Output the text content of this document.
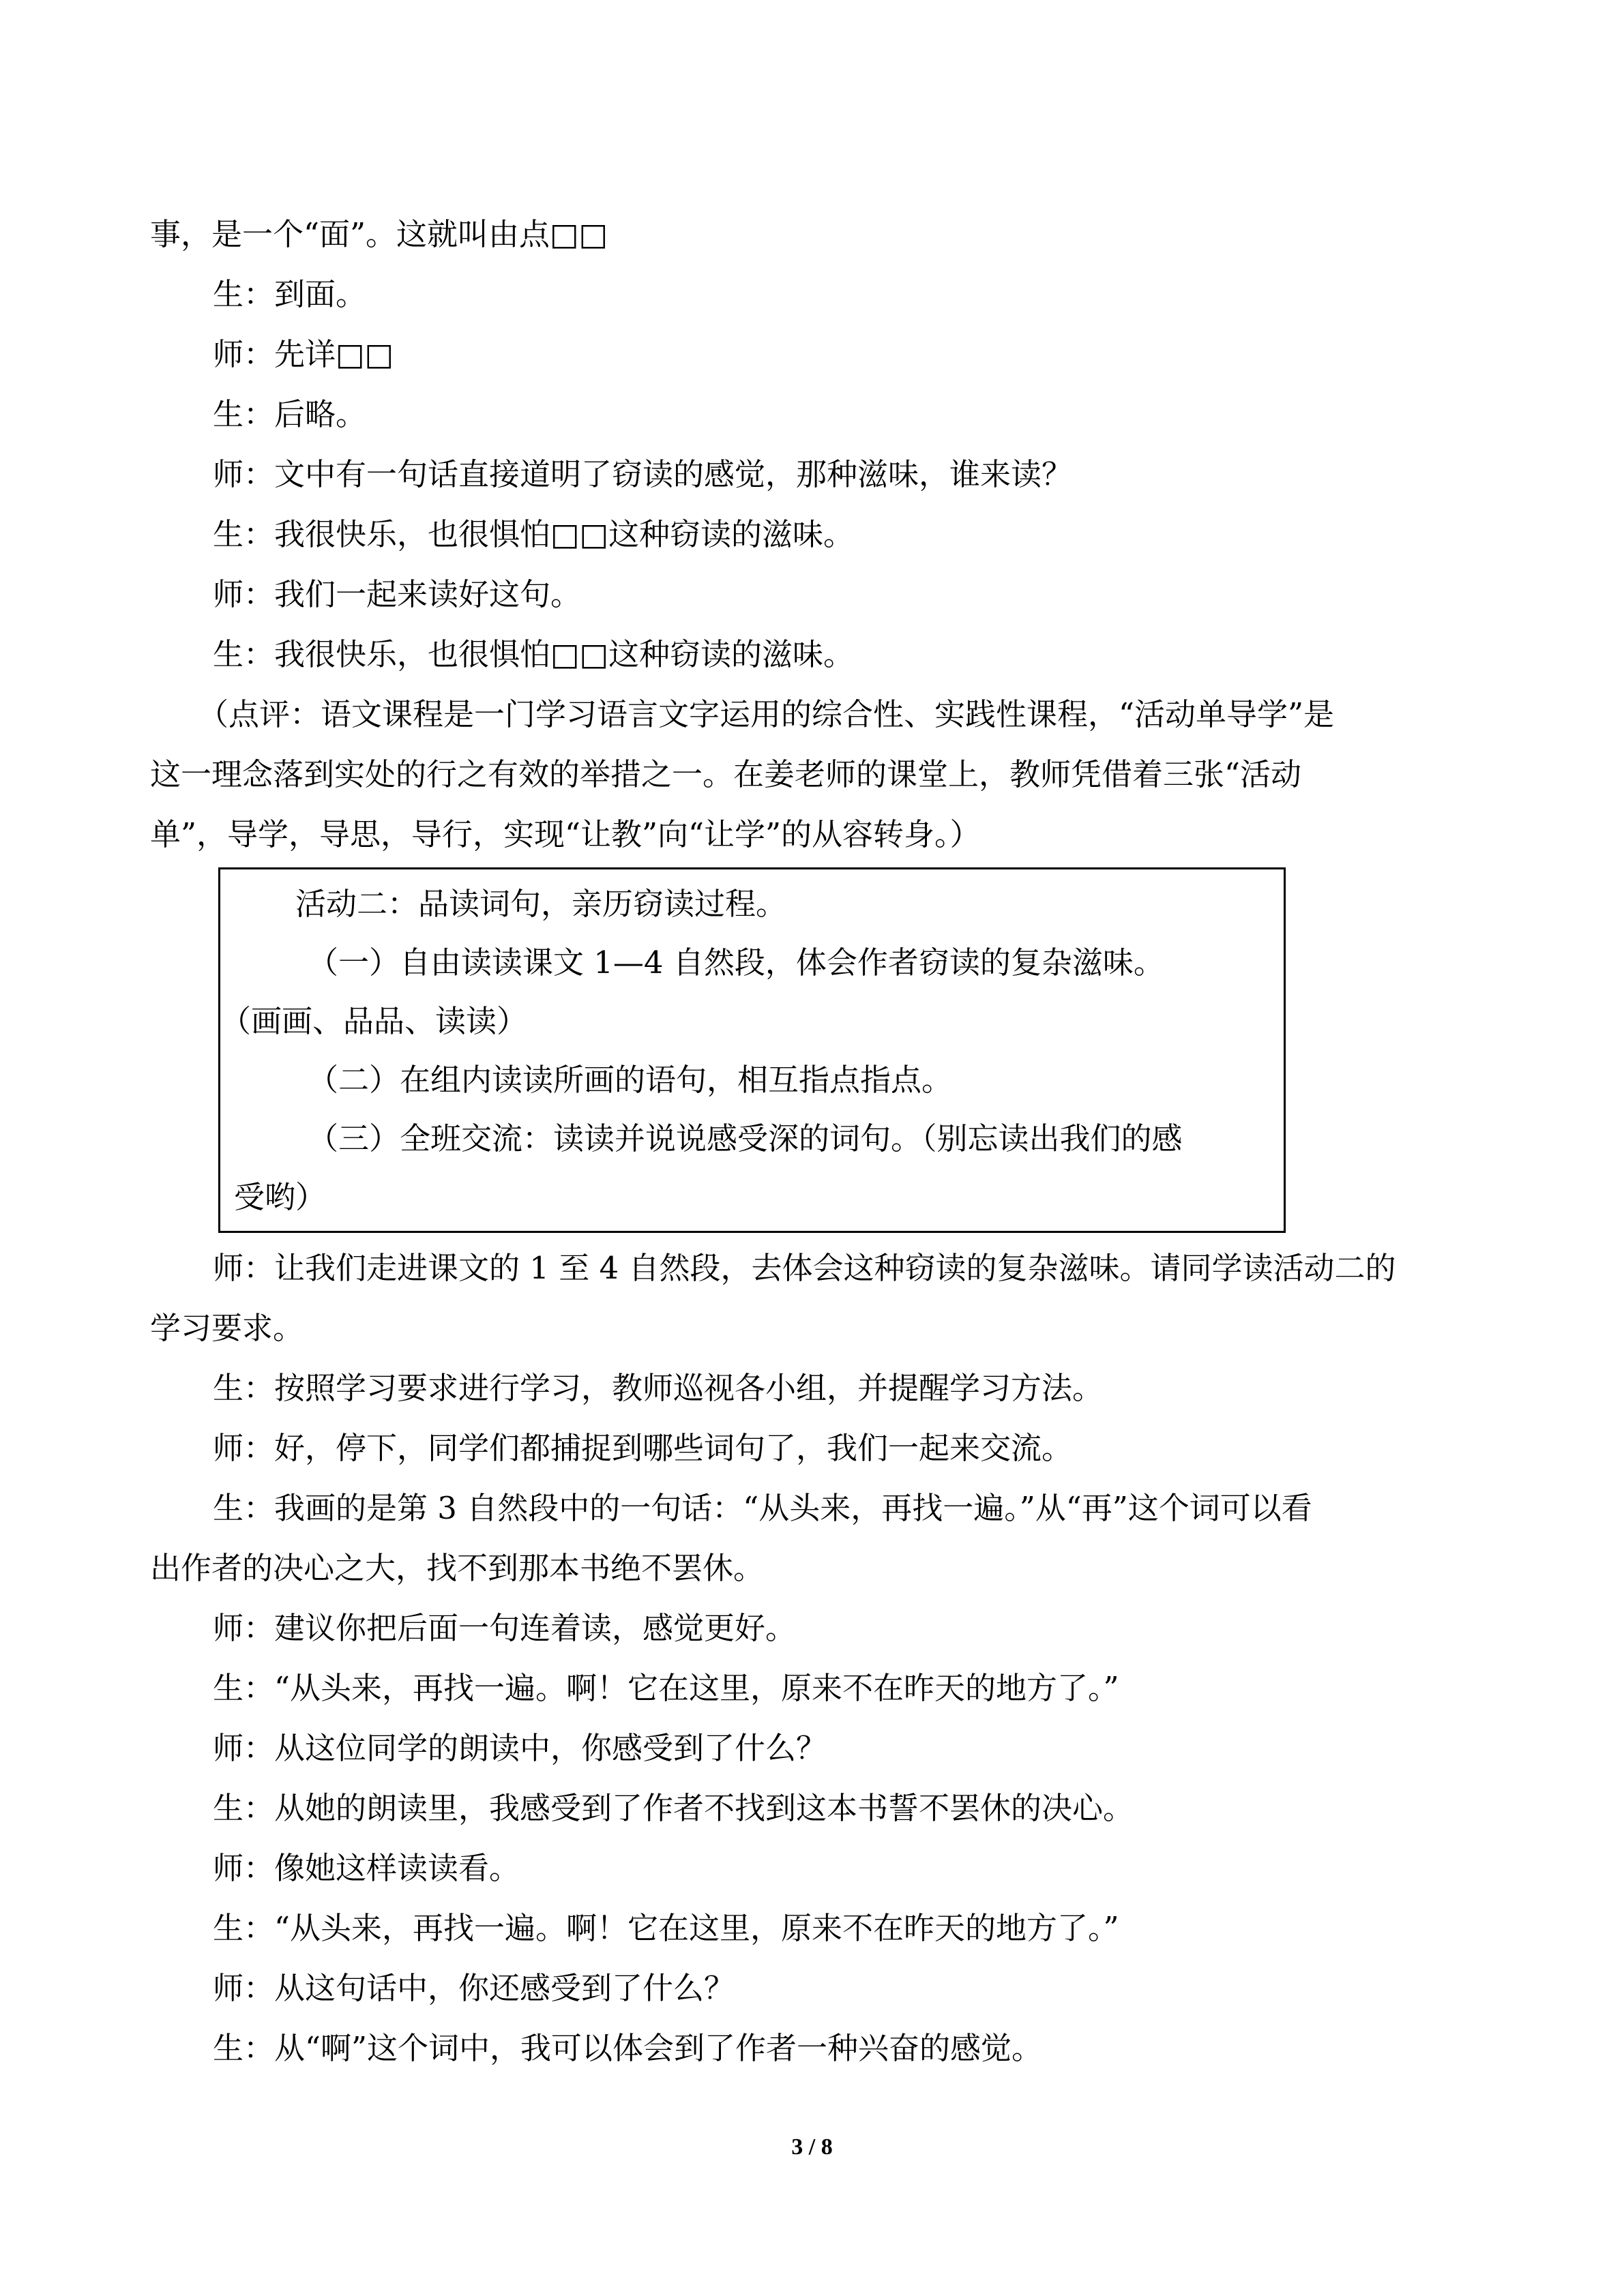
事，是一个“面”。这就叫由点□□
生：到面。
师：先详□□
生：后略。
师：文中有一句话直接道明了窃读的感觉，那种滋味，谁来读？
生：我很快乐，也很惧怕□□这种窃读的滋味。
师：我们一起来读好这句。
生：我很快乐，也很惧怕□□这种窃读的滋味。
（点评：语文课程是一门学习语言文字运用的综合性、实践性课程，“活动单导学”是
这一理念落到实处的行之有效的举措之一。在姜老师的课堂上，教师凭借着三张“活动
单”，导学，导思，导行，实现“让教”向“让学”的从容转身。）
活动二：品读词句，亲历窃读过程。
（一）自由读读课文 1—4 自然段，体会作者窃读的复杂滋味。
（画画、品品、读读）
（二）在组内读读所画的语句，相互指点指点。
（三）全班交流：读读并说说感受深的词句。（别忘读出我们的感
受哟）
师：让我们走进课文的 1 至 4 自然段，去体会这种窃读的复杂滋味。请同学读活动二的
学习要求。
生：按照学习要求进行学习，教师巡视各小组，并提醒学习方法。
师：好，停下，同学们都捕捉到哪些词句了，我们一起来交流。
生：我画的是第 3 自然段中的一句话：“从头来，再找一遍。”从“再”这个词可以看
出作者的决心之大，找不到那本书绝不罢休。
师：建议你把后面一句连着读，感觉更好。
生：“从头来，再找一遍。啊！它在这里，原来不在昨天的地方了。”
师：从这位同学的朗读中，你感受到了什么？
生：从她的朗读里，我感受到了作者不找到这本书誓不罢休的决心。
师：像她这样读读看。
生：“从头来，再找一遍。啊！它在这里，原来不在昨天的地方了。”
师：从这句话中，你还感受到了什么？
生：从“啊”这个词中，我可以体会到了作者一种兴奋的感觉。
3 / 8
